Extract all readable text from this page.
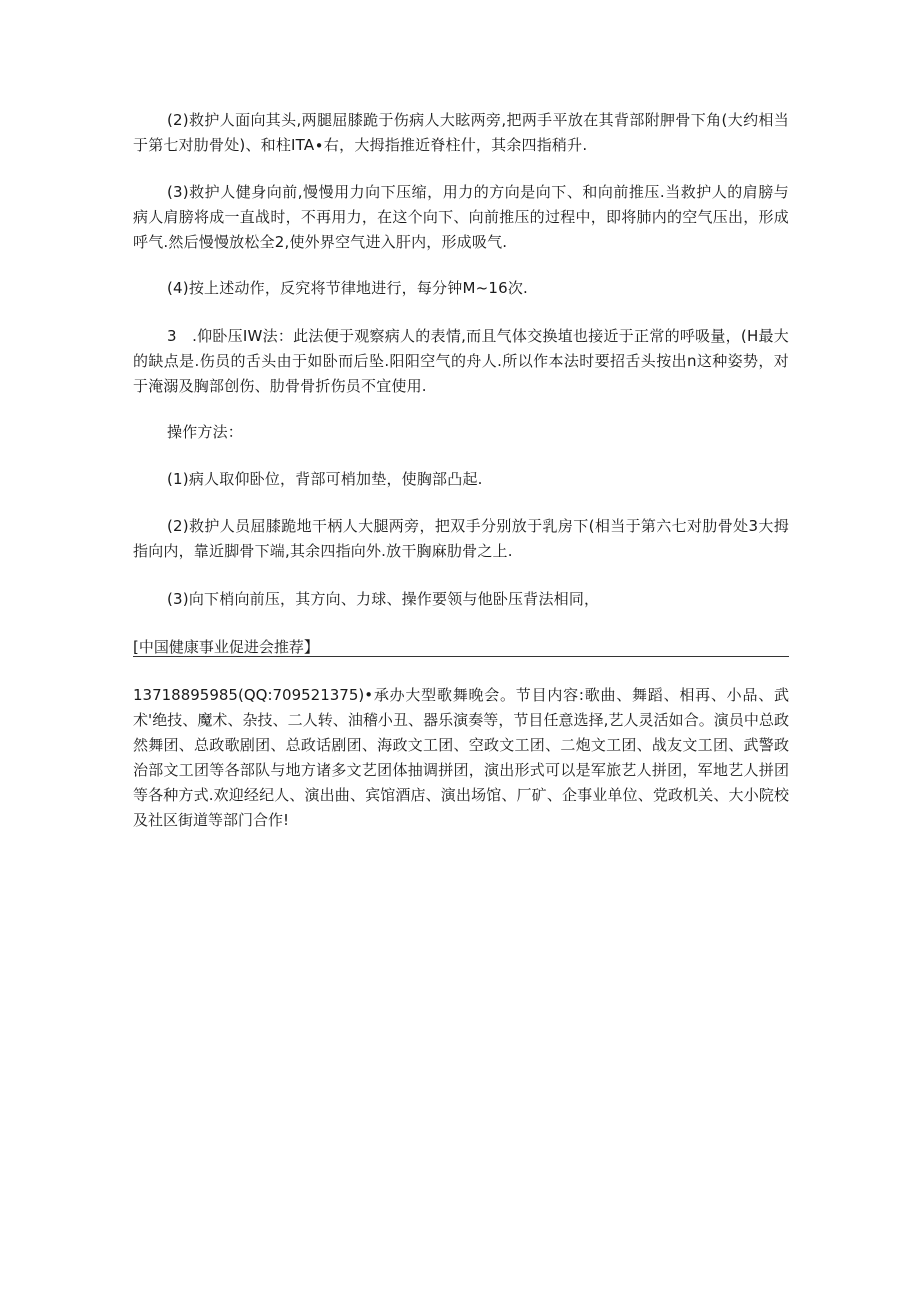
(2)救护人面向其头,两腿屈膝跪于伤病人大眩两旁,把两手平放在其背部附胛骨下角(大约相当于第七对肋骨处)、和柱ITA∙右，大拇指推近脊柱什，其余四指稍升.

(3)救护人健身向前,慢慢用力向下压缩，用力的方向是向下、和向前推压.当救护人的肩膀与病人肩膀将成一直战时，不再用力，在这个向下、向前推压的过程中，即将肺内的空气压出，形成呼气.然后慢慢放松全2,使外界空气进入肝内，形成吸气.

(4)按上述动作，反究将节律地进行，每分钟M~16次.

3　.仰卧压IW法：此法便于观察病人的表情,而且气体交换埴也接近于正常的呼吸量，(H最大的缺点是.伤员的舌头由于如卧而后坠.阳阳空气的舟人.所以作本法时要招舌头按出n这种姿势，对于淹溺及胸部创伤、肋骨骨折伤员不宜使用.

操作方法：

(1)病人取仰卧位，背部可梢加垫，使胸部凸起.

(2)救护人员屈膝跪地干柄人大腿两旁，把双手分别放于乳房下(相当于第六七对肋骨处3大拇指向内，靠近脚骨下端,其余四指向外.放干胸麻肋骨之上.

(3)向下梢向前压，其方向、力球、操作要领与他卧压背法相同，

[中国健康事业促进会推荐】

13718895985(QQ:709521375)•承办大型歌舞晚会。节目内容:歌曲、舞蹈、相再、小品、武术'绝技、魔术、杂技、二人转、油稽小丑、器乐演奏等，节目任意选择,艺人灵活如合。演员中总政然舞团、总政歌剧团、总政话剧团、海政文工团、空政文工团、二炮文工团、战友文工团、武警政治部文工团等各部队与地方诸多文艺团体抽调拼团，演出形式可以是军旅艺人拼团，军地艺人拼团等各种方式.欢迎经纪人、演出曲、宾馆酒店、演出场馆、厂矿、企事业单位、党政机关、大小院校及社区街道等部门合作!
